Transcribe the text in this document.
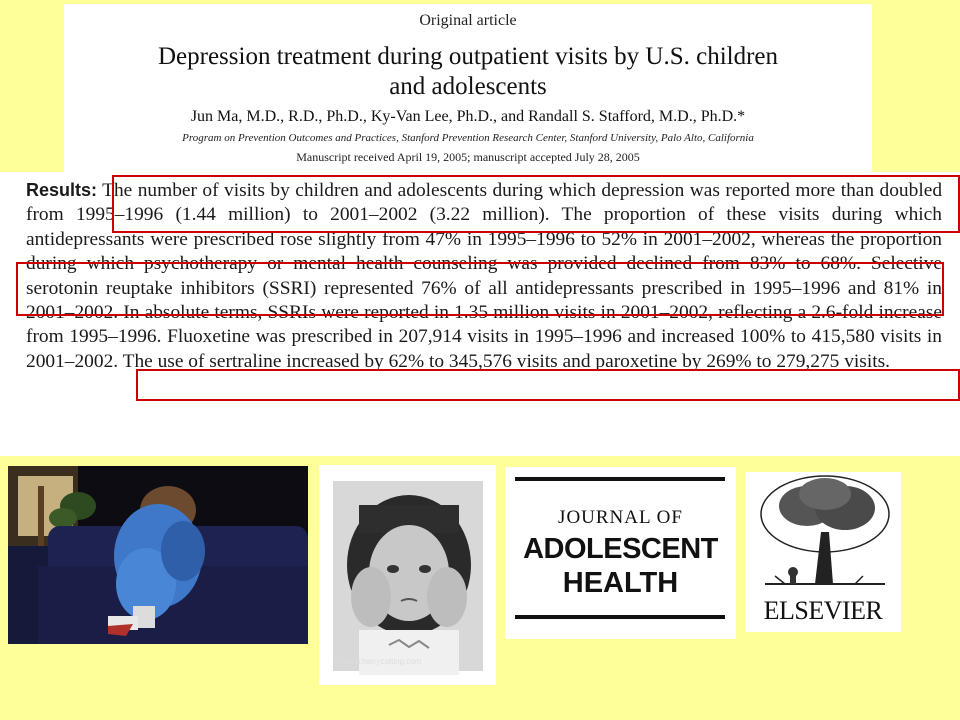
Original article
Depression treatment during outpatient visits by U.S. children
and adolescents
Jun Ma, M.D., R.D., Ph.D., Ky-Van Lee, Ph.D., and Randall S. Stafford, M.D., Ph.D.*
Program on Prevention Outcomes and Practices, Stanford Prevention Research Center, Stanford University, Palo Alto, California
Manuscript received April 19, 2005; manuscript accepted July 28, 2005
Results: The number of visits by children and adolescents during which depression was reported more than doubled from 1995–1996 (1.44 million) to 2001–2002 (3.22 million). The proportion of these visits during which antidepressants were prescribed rose slightly from 47% in 1995–1996 to 52% in 2001–2002, whereas the proportion during which psychotherapy or mental health counseling was provided declined from 83% to 68%. Selective serotonin reuptake inhibitors (SSRI) represented 76% of all antidepressants prescribed in 1995–1996 and 81% in 2001–2002. In absolute terms, SSRIs were reported in 1.35 million visits in 2001–2002, reflecting a 2.6-fold increase from 1995–1996. Fluoxetine was prescribed in 207,914 visits in 1995–1996 and increased 100% to 415,580 visits in 2001–2002. The use of sertraline increased by 62% to 345,576 visits and paroxetine by 269% to 279,275 visits.
© www.harrycutting.com
JOURNAL OF
ADOLESCENT
HEALTH
ELSEVIER
